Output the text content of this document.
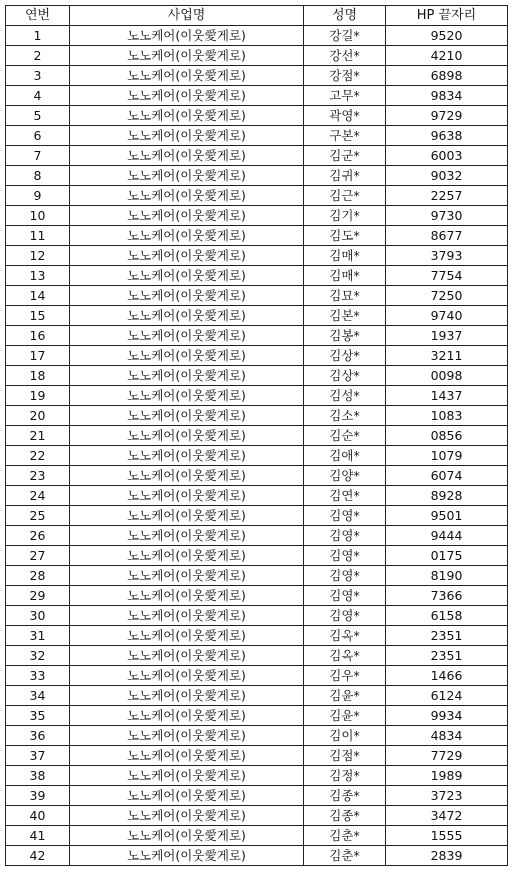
연번	사업명	성명	HP 끝자리
1	노노케어(이웃愛게로)	강길*	9520
2	노노케어(이웃愛게로)	강선*	4210
3	노노케어(이웃愛게로)	강점*	6898
4	노노케어(이웃愛게로)	고무*	9834
5	노노케어(이웃愛게로)	곽영*	9729
6	노노케어(이웃愛게로)	구본*	9638
7	노노케어(이웃愛게로)	김군*	6003
8	노노케어(이웃愛게로)	김귀*	9032
9	노노케어(이웃愛게로)	김근*	2257
10	노노케어(이웃愛게로)	김기*	9730
11	노노케어(이웃愛게로)	김도*	8677
12	노노케어(이웃愛게로)	김매*	3793
13	노노케어(이웃愛게로)	김매*	7754
14	노노케어(이웃愛게로)	김묘*	7250
15	노노케어(이웃愛게로)	김본*	9740
16	노노케어(이웃愛게로)	김봉*	1937
17	노노케어(이웃愛게로)	김상*	3211
18	노노케어(이웃愛게로)	김상*	0098
19	노노케어(이웃愛게로)	김성*	1437
20	노노케어(이웃愛게로)	김소*	1083
21	노노케어(이웃愛게로)	김순*	0856
22	노노케어(이웃愛게로)	김애*	1079
23	노노케어(이웃愛게로)	김양*	6074
24	노노케어(이웃愛게로)	김연*	8928
25	노노케어(이웃愛게로)	김영*	9501
26	노노케어(이웃愛게로)	김영*	9444
27	노노케어(이웃愛게로)	김영*	0175
28	노노케어(이웃愛게로)	김영*	8190
29	노노케어(이웃愛게로)	김영*	7366
30	노노케어(이웃愛게로)	김영*	6158
31	노노케어(이웃愛게로)	김옥*	2351
32	노노케어(이웃愛게로)	김옥*	2351
33	노노케어(이웃愛게로)	김우*	1466
34	노노케어(이웃愛게로)	김윤*	6124
35	노노케어(이웃愛게로)	김윤*	9934
36	노노케어(이웃愛게로)	김이*	4834
37	노노케어(이웃愛게로)	김점*	7729
38	노노케어(이웃愛게로)	김정*	1989
39	노노케어(이웃愛게로)	김종*	3723
40	노노케어(이웃愛게로)	김종*	3472
41	노노케어(이웃愛게로)	김춘*	1555
42	노노케어(이웃愛게로)	김춘*	2839
